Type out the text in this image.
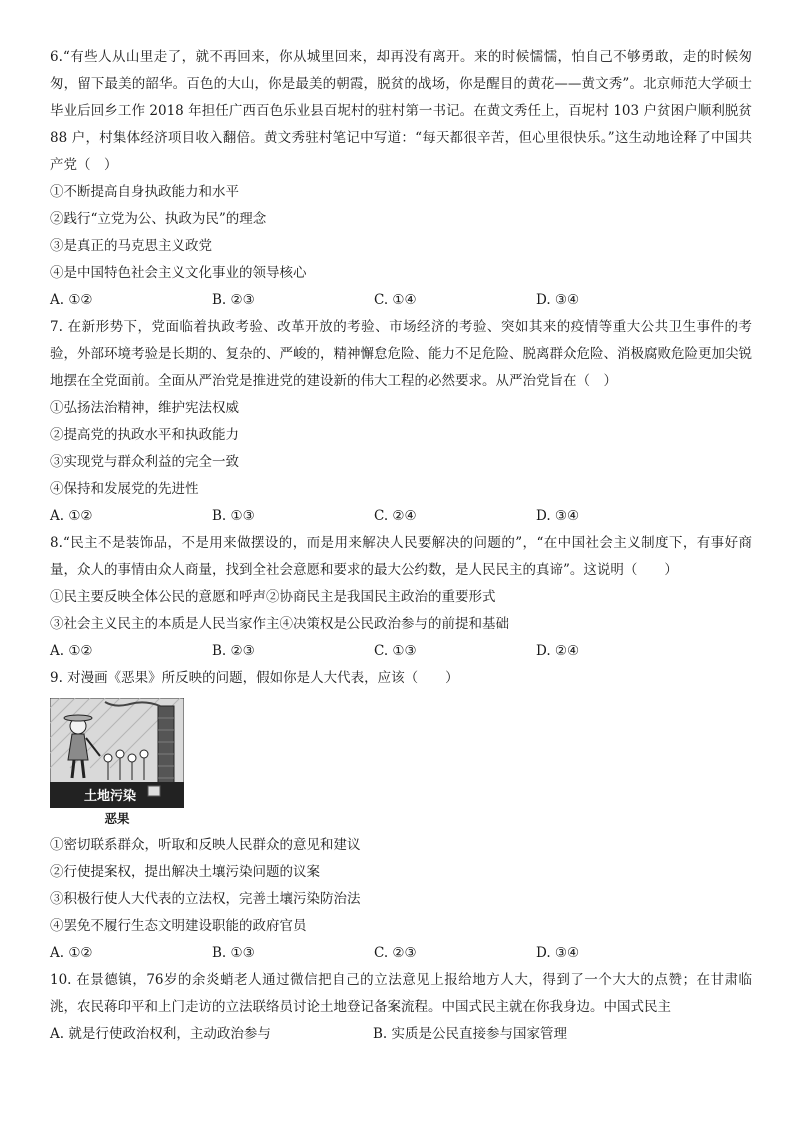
6.“有些人从山里走了，就不再回来，你从城里回来，却再没有离开。来的时候懦懦，怕自己不够勇敢，走的时候匆匆，留下最美的韶华。百色的大山，你是最美的朝霞，脱贫的战场，你是醒目的黄花——黄文秀”。北京师范大学硕士毕业后回乡工作 2018 年担任广西百色乐业县百坭村的驻村第一书记。在黄文秀任上，百坭村 103 户贫困户顺利脱贫 88 户，村集体经济项目收入翻倍。黄文秀驻村笔记中写道：“每天都很辛苦，但心里很快乐。”这生动地诠释了中国共产党（　）

①不断提高自身执政能力和水平

②践行“立党为公、执政为民”的理念

③是真正的马克思主义政党

④是中国特色社会主义文化事业的领导核心

A. ①②	B. ②③	C. ①④	D. ③④

7. 在新形势下，党面临着执政考验、改革开放的考验、市场经济的考验、突如其来的疫情等重大公共卫生事件的考验，外部环境考验是长期的、复杂的、严峻的，精神懈怠危险、能力不足危险、脱离群众危险、消极腐败危险更加尖锐地摆在全党面前。全面从严治党是推进党的建设新的伟大工程的必然要求。从严治党旨在（　）

①弘扬法治精神，维护宪法权威

②提高党的执政水平和执政能力

③实现党与群众利益的完全一致

④保持和发展党的先进性

A. ①②	B. ①③	C. ②④	D. ③④

8.“民主不是装饰品，不是用来做摆设的，而是用来解决人民要解决的问题的”，“在中国社会主义制度下，有事好商量，众人的事情由众人商量，找到全社会意愿和要求的最大公约数，是人民民主的真谛”。这说明（　　）

①民主要反映全体公民的意愿和呼声②协商民主是我国民主政治的重要形式

③社会主义民主的本质是人民当家作主④决策权是公民政治参与的前提和基础

A. ①②	B. ②③	C. ①③	D. ②④

9. 对漫画《恶果》所反映的问题，假如你是人大代表，应该（　　）

土地污染
恶果

①密切联系群众，听取和反映人民群众的意见和建议

②行使提案权，提出解决土壤污染问题的议案

③积极行使人大代表的立法权，完善土壤污染防治法

④罢免不履行生态文明建设职能的政府官员

A. ①②	B. ①③	C. ②③	D. ③④

10. 在景德镇，76岁的余炎蛸老人通过微信把自己的立法意见上报给地方人大，得到了一个大大的点赞；在甘肃临洮，农民蒋印平和上门走访的立法联络员讨论土地登记备案流程。中国式民主就在你我身边。中国式民主

A. 就是行使政治权利，主动政治参与	B. 实质是公民直接参与国家管理
